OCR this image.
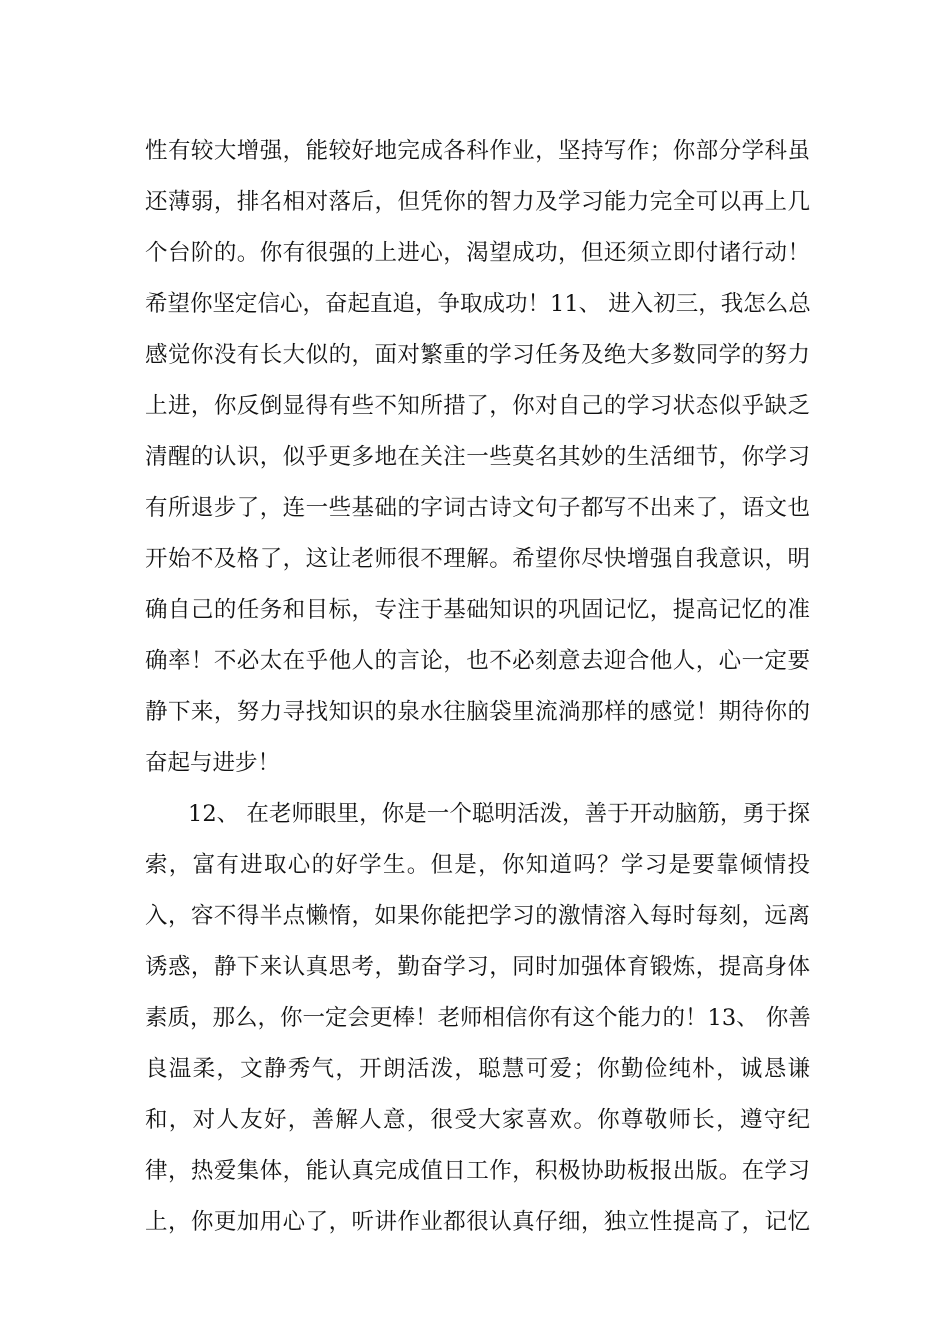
性有较大增强，能较好地完成各科作业，坚持写作；你部分学科虽
还薄弱，排名相对落后，但凭你的智力及学习能力完全可以再上几
个台阶的。你有很强的上进心，渴望成功，但还须立即付诸行动！
希望你坚定信心，奋起直追，争取成功！11、 进入初三，我怎么总
感觉你没有长大似的，面对繁重的学习任务及绝大多数同学的努力
上进，你反倒显得有些不知所措了，你对自己的学习状态似乎缺乏
清醒的认识，似乎更多地在关注一些莫名其妙的生活细节，你学习
有所退步了，连一些基础的字词古诗文句子都写不出来了，语文也
开始不及格了，这让老师很不理解。希望你尽快增强自我意识，明
确自己的任务和目标，专注于基础知识的巩固记忆，提高记忆的准
确率！不必太在乎他人的言论，也不必刻意去迎合他人，心一定要
静下来，努力寻找知识的泉水往脑袋里流淌那样的感觉！期待你的
奋起与进步！
12、 在老师眼里，你是一个聪明活泼，善于开动脑筋，勇于探
索，富有进取心的好学生。但是，你知道吗？学习是要靠倾情投
入，容不得半点懒惰，如果你能把学习的激情溶入每时每刻，远离
诱惑，静下来认真思考，勤奋学习，同时加强体育锻炼，提高身体
素质，那么，你一定会更棒！老师相信你有这个能力的！13、 你善
良温柔，文静秀气，开朗活泼，聪慧可爱；你勤俭纯朴，诚恳谦
和，对人友好，善解人意，很受大家喜欢。你尊敬师长，遵守纪
律，热爱集体，能认真完成值日工作，积极协助板报出版。在学习
上，你更加用心了，听讲作业都很认真仔细，独立性提高了，记忆
